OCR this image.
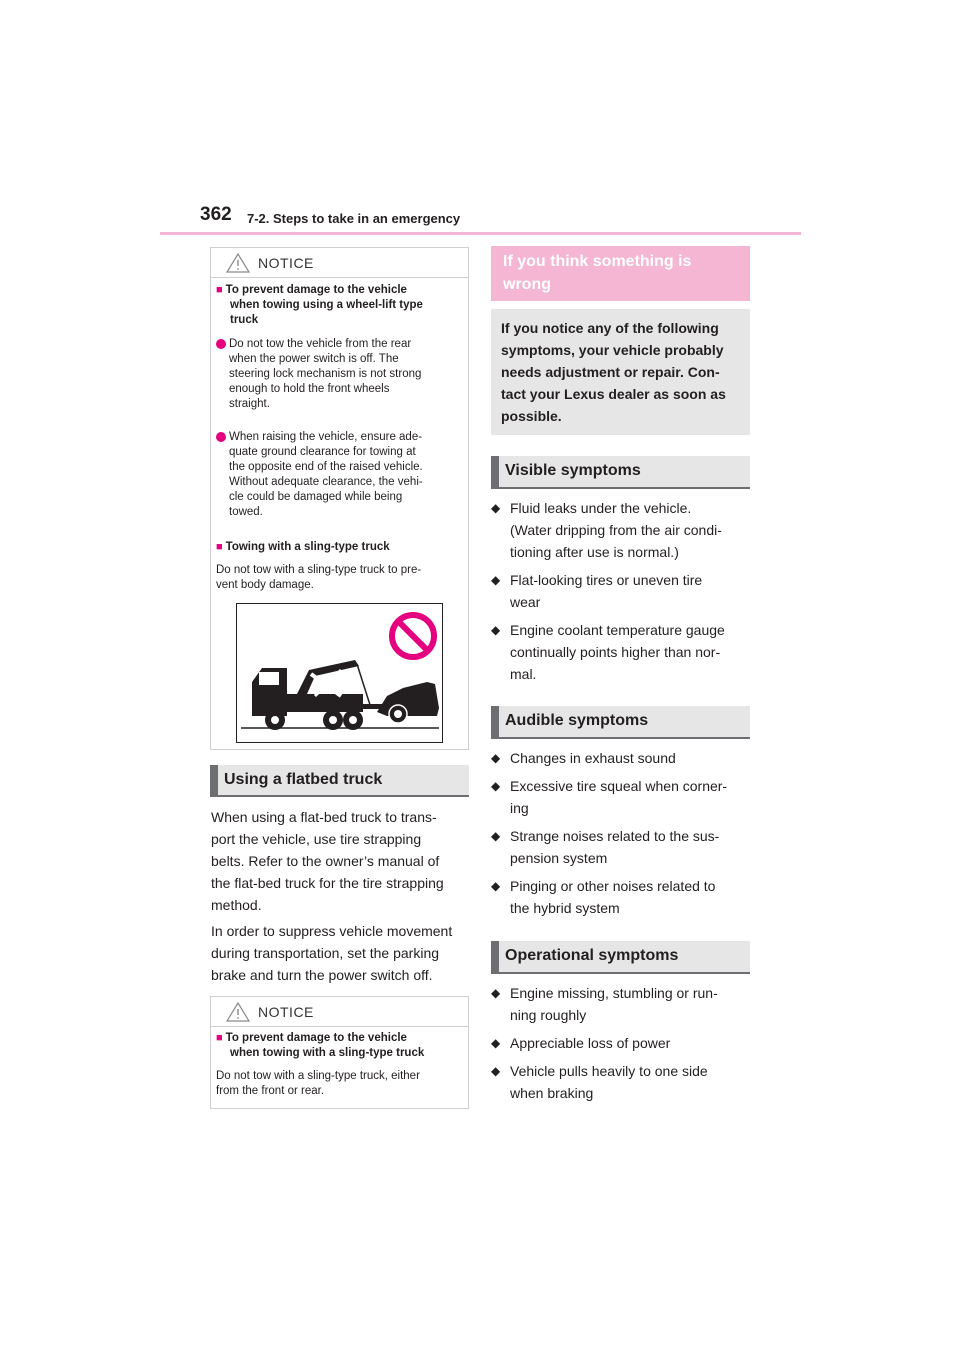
362 7-2. Steps to take in an emergency
NOTICE
■ To prevent damage to the vehicle
when towing using a wheel-lift type
truck
Do not tow the vehicle from the rear
when the power switch is off. The
steering lock mechanism is not strong
enough to hold the front wheels
straight.
When raising the vehicle, ensure ade-
quate ground clearance for towing at
the opposite end of the raised vehicle.
Without adequate clearance, the vehi-
cle could be damaged while being
towed.
■ Towing with a sling-type truck
Do not tow with a sling-type truck to pre-
vent body damage.
Using a flatbed truck
When using a flat-bed truck to trans-
port the vehicle, use tire strapping
belts. Refer to the owner’s manual of
the flat-bed truck for the tire strapping
method.
In order to suppress vehicle movement
during transportation, set the parking
brake and turn the power switch off.
NOTICE
■ To prevent damage to the vehicle
when towing with a sling-type truck
Do not tow with a sling-type truck, either
from the front or rear.
If you think something is
wrong
If you notice any of the following
symptoms, your vehicle probably
needs adjustment or repair. Con-
tact your Lexus dealer as soon as
possible.
Visible symptoms
◆ Fluid leaks under the vehicle.
(Water dripping from the air condi-
tioning after use is normal.)
◆ Flat-looking tires or uneven tire
wear
◆ Engine coolant temperature gauge
continually points higher than nor-
mal.
Audible symptoms
◆ Changes in exhaust sound
◆ Excessive tire squeal when corner-
ing
◆ Strange noises related to the sus-
pension system
◆ Pinging or other noises related to
the hybrid system
Operational symptoms
◆ Engine missing, stumbling or run-
ning roughly
◆ Appreciable loss of power
◆ Vehicle pulls heavily to one side
when braking
